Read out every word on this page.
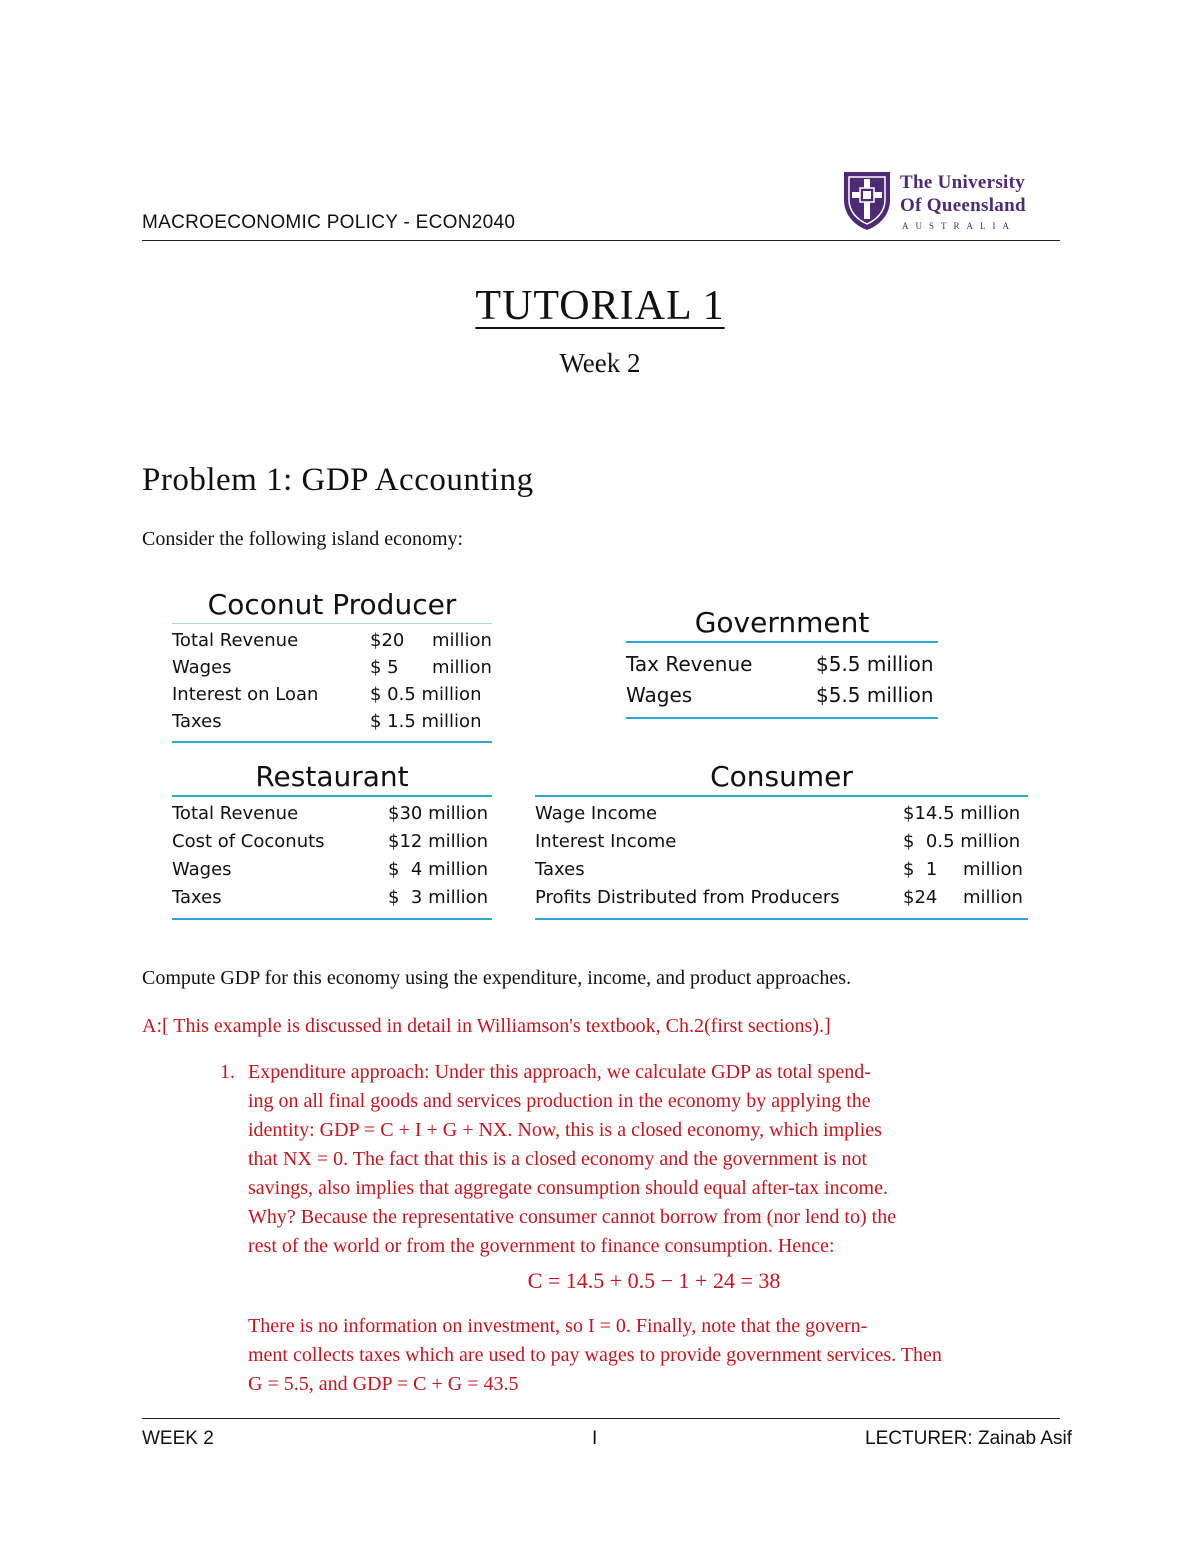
MACROECONOMIC POLICY - ECON2040
The University
Of Queensland
AUSTRALIA
TUTORIAL 1
Week 2
Problem 1: GDP Accounting
Consider the following island economy:
Coconut Producer
Total Revenue	$20 million
Wages	$ 5 million
Interest on Loan	$ 0.5 million
Taxes	$ 1.5 million
Government
Tax Revenue	$5.5 million
Wages	$5.5 million
Restaurant
Total Revenue	$30 million
Cost of Coconuts	$12 million
Wages	$  4 million
Taxes	$  3 million
Consumer
Wage Income	$14.5 million
Interest Income	$  0.5 million
Taxes	$  1 million
Profits Distributed from Producers	$24 million
Compute GDP for this economy using the expenditure, income, and product approaches.
A:[ This example is discussed in detail in Williamson's textbook, Ch.2(first sections).]
1. Expenditure approach: Under this approach, we calculate GDP as total spend-
ing on all final goods and services production in the economy by applying the
identity: GDP = C + I + G + NX. Now, this is a closed economy, which implies
that NX = 0. The fact that this is a closed economy and the government is not
savings, also implies that aggregate consumption should equal after-tax income.
Why? Because the representative consumer cannot borrow from (nor lend to) the
rest of the world or from the government to finance consumption. Hence:
C = 14.5 + 0.5 − 1 + 24 = 38
There is no information on investment, so I = 0. Finally, note that the govern-
ment collects taxes which are used to pay wages to provide government services. Then
G = 5.5, and GDP = C + G = 43.5
WEEK 2	I	LECTURER: Zainab Asif
